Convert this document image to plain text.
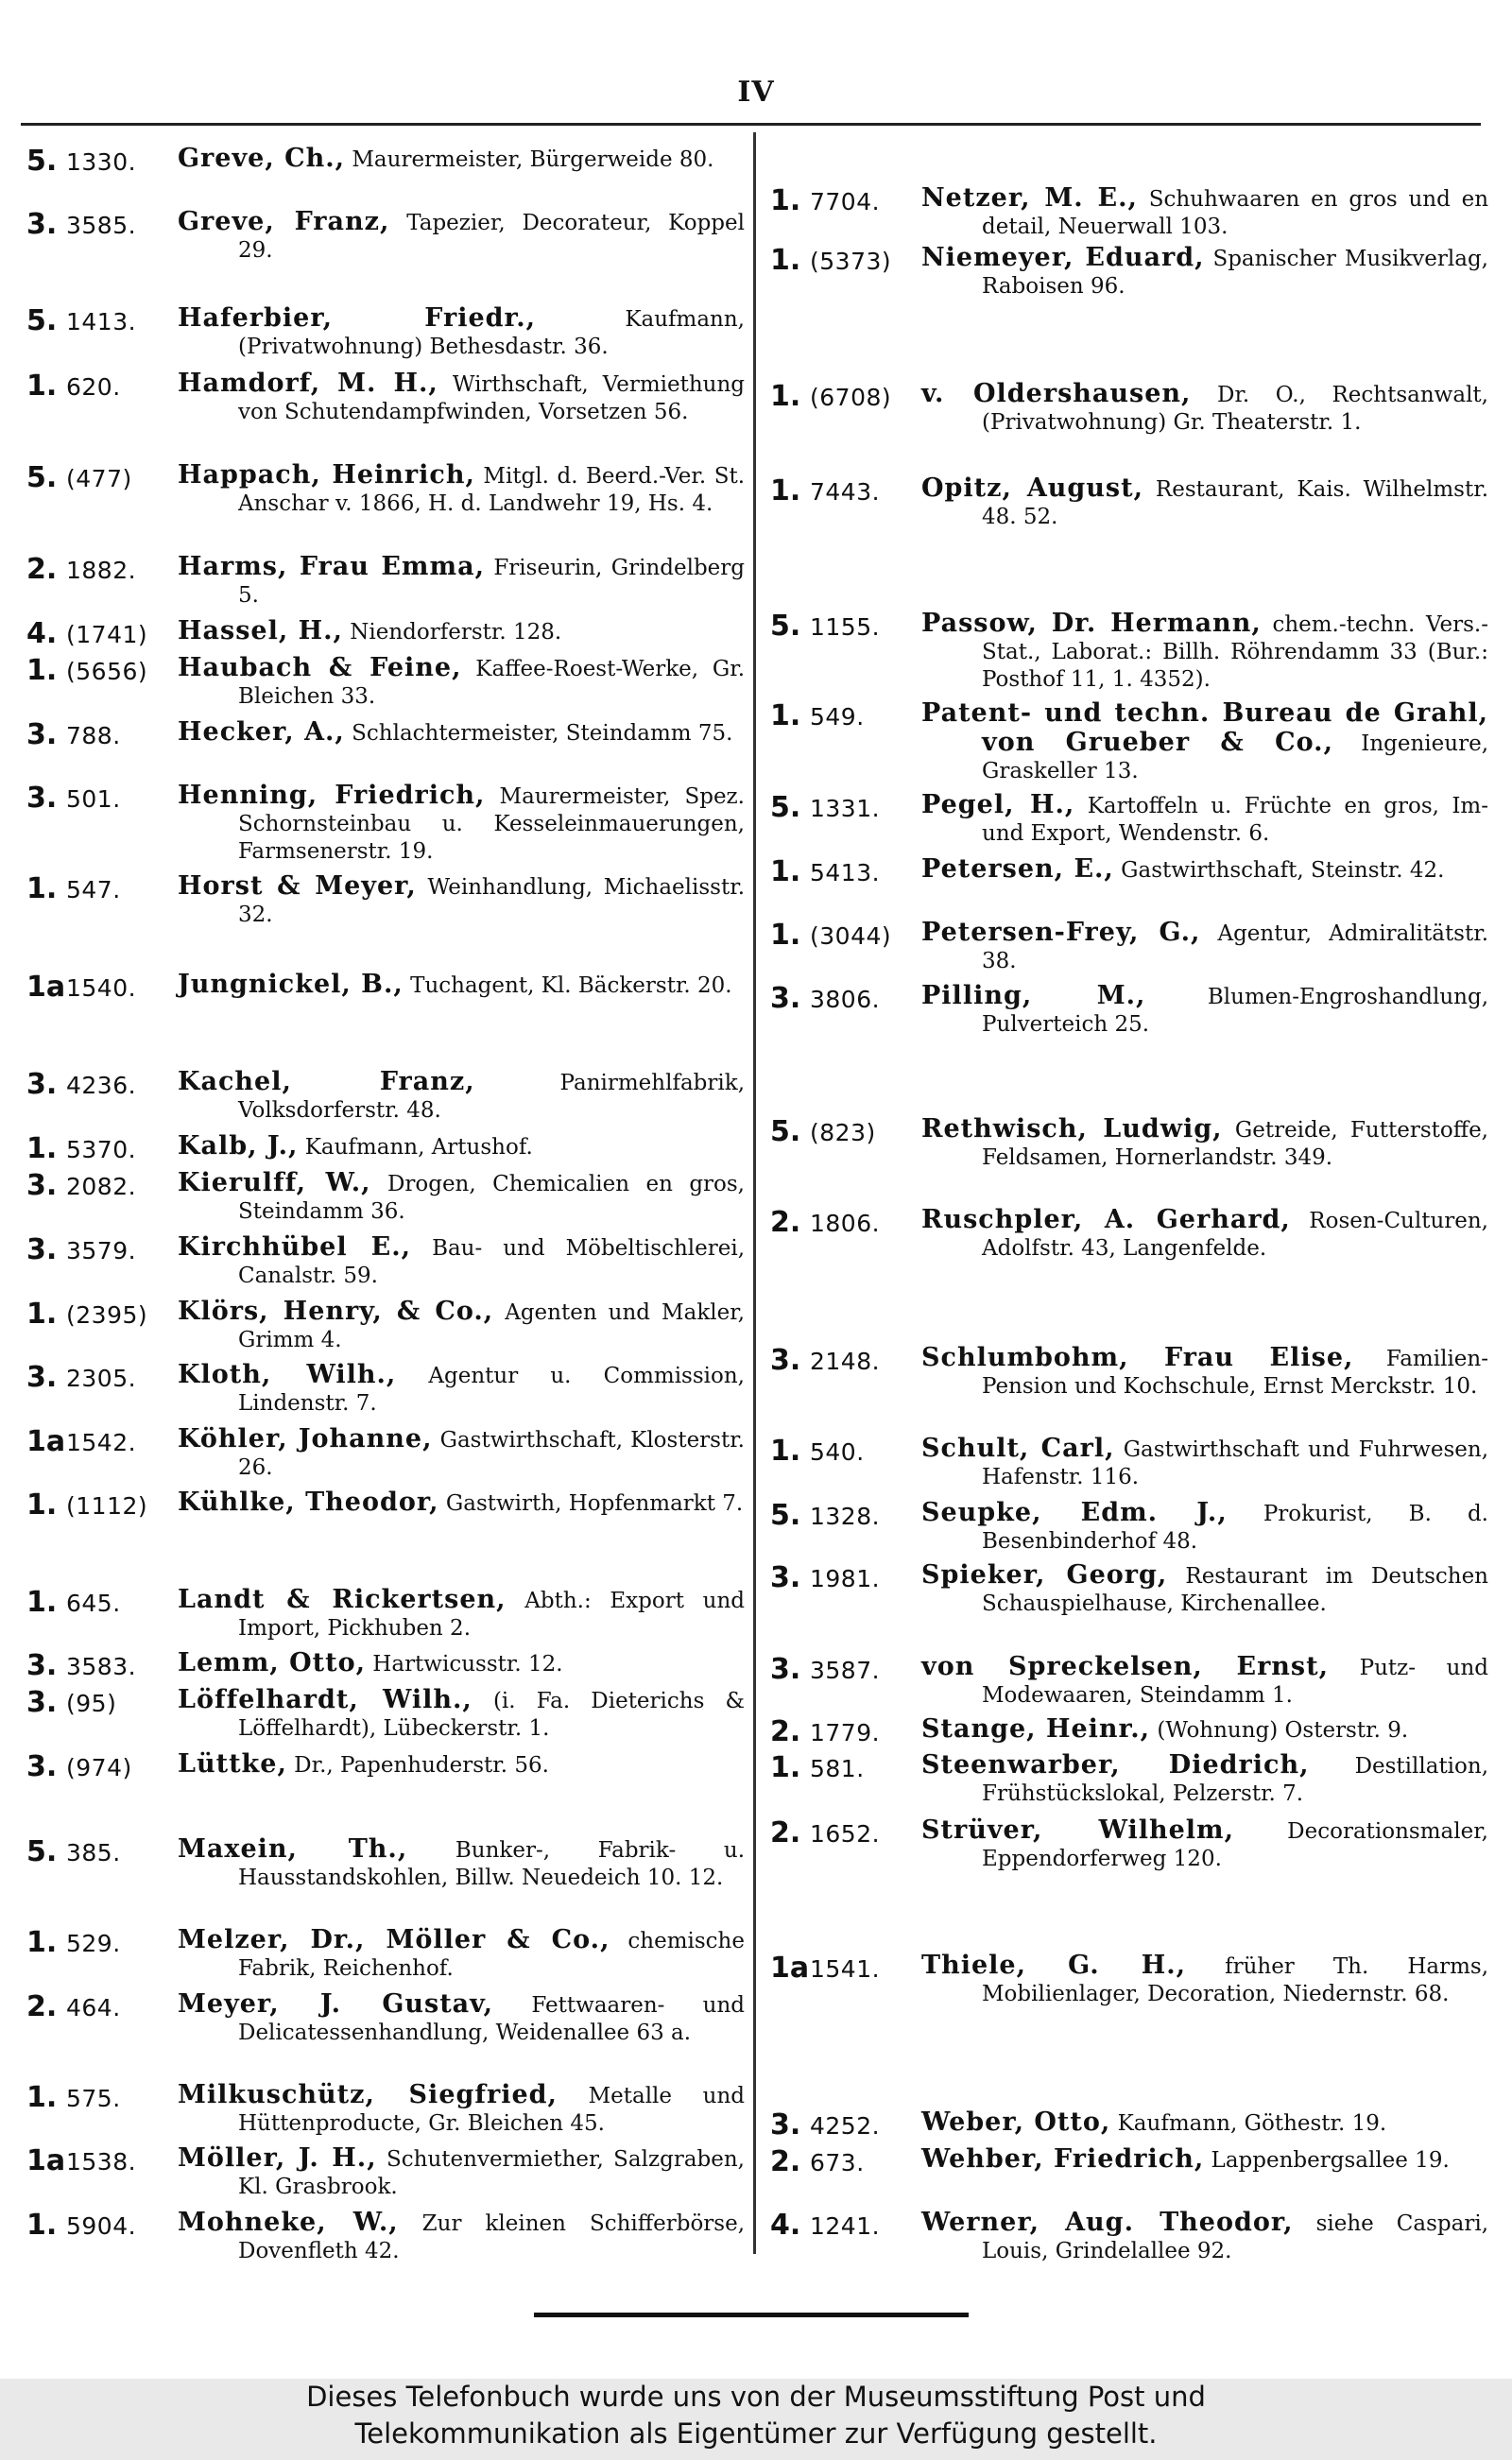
IV
5. 1330.	Greve, Ch., Maurermeister, Bürgerweide 80.
3. 3585.	Greve, Franz, Tapezier, Decorateur, Koppel 29.
5. 1413.	Haferbier, Friedr.,	Kaufmann, (Privatwohnung) Bethesdastr. 36.
1. 620.	Hamdorf, M. H., Wirthschaft, Vermiethung von Schutendampfwinden, Vorsetzen 56.
5. (477)	Happach, Heinrich, Mitgl. d. Beerd.-Ver. St. Anschar v. 1866, H. d. Landwehr 19, Hs. 4.
2. 1882.	Harms, Frau Emma, Friseurin, Grindelberg 5.
4. (1741)	Hassel, H., Niendorferstr. 128.
1. (5656)	Haubach & Feine, Kaffee-Roest-Werke, Gr. Bleichen 33.
3. 788.	Hecker, A., Schlachtermeister, Steindamm 75.
3. 501.	Henning, Friedrich, Maurermeister, Spez. Schornsteinbau u. Kesseleinmauerungen, Farmsenerstr. 19.
1. 547.	Horst & Meyer, Weinhandlung, Michaelisstr. 32.
1a1540.	Jungnickel, B., Tuchagent, Kl. Bäckerstr. 20.
3. 4236.	Kachel, Franz,	Panirmehlfabrik, Volksdorferstr. 48.
1. 5370.	Kalb, J., Kaufmann, Artushof.
3. 2082.	Kierulff, W., Drogen, Chemicalien en gros, Steindamm 36.
3. 3579.	Kirchhübel E., Bau- und Möbeltischlerei, Canalstr. 59.
1. (2395)	Klörs, Henry, & Co., Agenten und Makler, Grimm 4.
3. 2305.	Kloth, Wilh., Agentur u. Commission, Lindenstr. 7.
1a1542.	Köhler, Johanne, Gastwirthschaft, Klosterstr. 26.
1. (1112)	Kühlke, Theodor, Gastwirth, Hopfenmarkt 7.
1. 645.	Landt & Rickertsen, Abth.: Export und Import, Pickhuben 2.
3. 3583.	Lemm, Otto, Hartwicusstr. 12.
3. (95)	Löffelhardt, Wilh., (i. Fa. Dieterichs & Löffelhardt), Lübeckerstr. 1.
3. (974)	Lüttke, Dr., Papenhuderstr. 56.
5. 385.	Maxein, Th., Bunker-, Fabrik- u. Hausstandskohlen, Billw. Neuedeich 10. 12.
1. 529.	Melzer, Dr., Möller & Co., chemische Fabrik, Reichenhof.
2. 464.	Meyer, J. Gustav, Fettwaaren- und Delicatessenhandlung, Weidenallee 63 a.
1. 575.	Milkuschütz, Siegfried, Metalle und Hüttenproducte, Gr. Bleichen 45.
1a1538.	Möller, J. H., Schutenvermiether, Salzgraben, Kl. Grasbrook.
1. 5904.	Mohneke, W., Zur kleinen Schifferbörse, Dovenfleth 42.
1. 7704.	Netzer, M. E., Schuhwaaren en gros und en detail, Neuerwall 103.
1. (5373)	Niemeyer, Eduard, Spanischer Musikverlag, Raboisen 96.
1. (6708)	v. Oldershausen, Dr. O., Rechtsanwalt, (Privatwohnung) Gr. Theaterstr. 1.
1. 7443.	Opitz, August, Restaurant, Kais. Wilhelmstr. 48. 52.
5. 1155.	Passow, Dr. Hermann, chem.-techn. Vers.-Stat., Laborat.: Billh. Röhrendamm 33 (Bur.: Posthof 11, 1. 4352).
1. 549.	Patent- und techn. Bureau de Grahl, von Grueber & Co., Ingenieure, Graskeller 13.
5. 1331.	Pegel, H., Kartoffeln u. Früchte en gros, Im- und Export, Wendenstr. 6.
1. 5413.	Petersen, E., Gastwirthschaft, Steinstr. 42.
1. (3044)	Petersen-Frey, G., Agentur, Admiralitätstr. 38.
3. 3806.	Pilling, M.,	Blumen-Engroshandlung, Pulverteich 25.
5. (823)	Rethwisch, Ludwig, Getreide, Futterstoffe, Feldsamen, Hornerlandstr. 349.
2. 1806.	Ruschpler, A. Gerhard, Rosen-Culturen, Adolfstr. 43, Langenfelde.
3. 2148.	Schlumbohm, Frau Elise, Familien-Pension und Kochschule, Ernst Merckstr. 10.
1. 540.	Schult, Carl, Gastwirthschaft und Fuhrwesen, Hafenstr. 116.
5. 1328.	Seupke, Edm. J., Prokurist, B. d. Besenbinderhof 48.
3. 1981.	Spieker, Georg, Restaurant im Deutschen Schauspielhause, Kirchenallee.
3. 3587.	von Spreckelsen, Ernst, Putz- und Modewaaren, Steindamm 1.
2. 1779.	Stange, Heinr., (Wohnung) Osterstr. 9.
1. 581.	Steenwarber, Diedrich, Destillation, Frühstückslokal, Pelzerstr. 7.
2. 1652.	Strüver, Wilhelm, Decorationsmaler, Eppendorferweg 120.
1a1541.	Thiele, G. H., früher Th. Harms, Mobilienlager, Decoration, Niedernstr. 68.
3. 4252.	Weber, Otto, Kaufmann, Göthestr. 19.
2. 673.	Wehber, Friedrich, Lappenbergsallee 19.
4. 1241.	Werner, Aug. Theodor, siehe Caspari, Louis, Grindelallee 92.
Dieses Telefonbuch wurde uns von der Museumsstiftung Post und
Telekommunikation als Eigentümer zur Verfügung gestellt.
